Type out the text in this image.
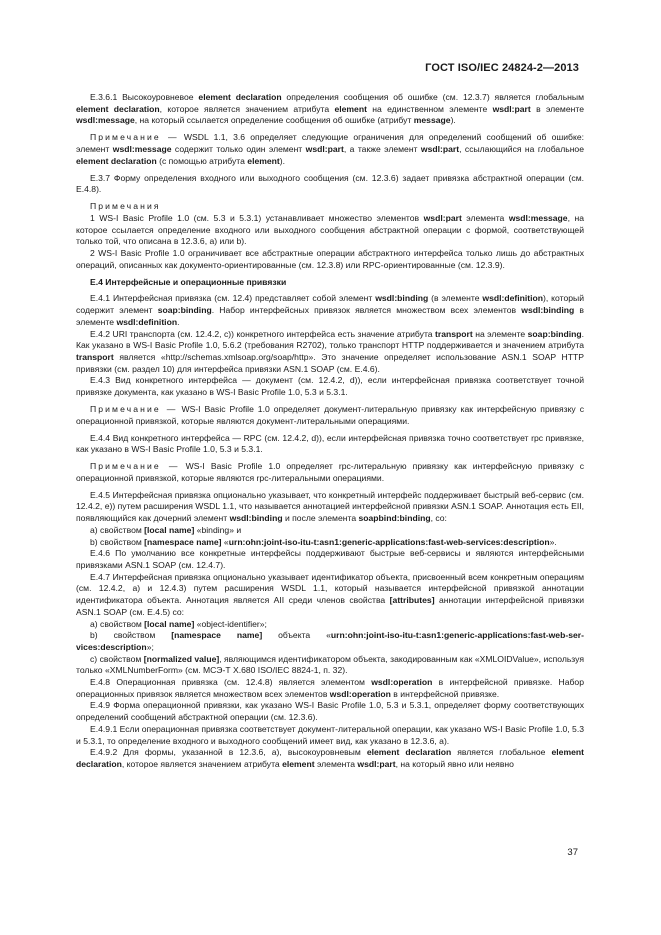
ГОСТ ISO/IEC 24824-2—2013

Е.3.6.1 Высокоуровневое element declaration определения сообщения об ошибке (см. 12.3.7) является глобальным element declaration, которое является значением атрибута element на единственном элементе wsdl:part в элементе wsdl:message, на который ссылается определение сообщения об ошибке (атрибут message).

Примечание — WSDL 1.1, 3.6 определяет следующие ограничения для определений сообщений об ошибке: элемент wsdl:message содержит только один элемент wsdl:part, а также элемент wsdl:part, ссылающийся на глобальное element declaration (с помощью атрибута element).

Е.3.7 Форму определения входного или выходного сообщения (см. 12.3.6) задает привязка абстрактной операции (см. Е.4.8).

Примечания

1 WS-I Basic Profile 1.0 (см. 5.3 и 5.3.1) устанавливает множество элементов wsdl:part элемента wsdl:message, на которое ссылается определение входного или выходного сообщения абстрактной операции с формой, соответствующей только той, что описана в 12.3.6, a) или b).

2 WS-I Basic Profile 1.0 ограничивает все абстрактные операции абстрактного интерфейса только лишь до абстрактных операций, описанных как документо-ориентированные (см. 12.3.8) или RPC-ориентированные (см. 12.3.9).

Е.4 Интерфейсные и операционные привязки

Е.4.1 Интерфейсная привязка (см. 12.4) представляет собой элемент wsdl:binding (в элементе wsdl:definition), который содержит элемент soap:binding. Набор интерфейсных привязок является множеством всех элементов wsdl:binding в элементе wsdl:definition.

Е.4.2 URI транспорта (см. 12.4.2, c)) конкретного интерфейса есть значение атрибута transport на элементе soap:binding. Как указано в WS-I Basic Profile 1.0, 5.6.2 (требования R2702), только транспорт HTTP поддерживается и значением атрибута transport является «http://schemas.xmlsoap.org/soap/http». Это значение определяет использование ASN.1 SOAP HTTP привязки (см. раздел 10) для интерфейса привязки ASN.1 SOAP (см. Е.4.6).

Е.4.3 Вид конкретного интерфейса — документ (см. 12.4.2, d)), если интерфейсная привязка соответствует точной привязке документа, как указано в WS-I Basic Profile 1.0, 5.3 и 5.3.1.

Примечание — WS-I Basic Profile 1.0 определяет документ-литеральную привязку как интерфейсную привязку с операционной привязкой, которые являются документ-литеральными операциями.

Е.4.4 Вид конкретного интерфейса — RPC (см. 12.4.2, d)), если интерфейсная привязка точно соответствует rpc привязке, как указано в WS-I Basic Profile 1.0, 5.3 и 5.3.1.

Примечание — WS-I Basic Profile 1.0 определяет rpc-литеральную привязку как интерфейсную привязку с операционной привязкой, которые являются rpc-литеральными операциями.

Е.4.5 Интерфейсная привязка опционально указывает, что конкретный интерфейс поддерживает быстрый веб-сервис (см. 12.4.2, e)) путем расширения WSDL 1.1, что называется аннотацией интерфейсной привязки ASN.1 SOAP. Аннотация есть EII, появляющийся как дочерний элемент wsdl:binding и после элемента soapbind:binding, со:

a) свойством [local name] «binding» и

b) свойством [namespace name] «urn:ohn:joint-iso-itu-t:asn1:generic-applications:fast-web-services:description».

Е.4.6 По умолчанию все конкретные интерфейсы поддерживают быстрые веб-сервисы и являются интерфейсными привязками ASN.1 SOAP (см. 12.4.7).

Е.4.7 Интерфейсная привязка опционально указывает идентификатор объекта, присвоенный всем конкретным операциям (см. 12.4.2, a) и 12.4.3) путем расширения WSDL 1.1, который называется интерфейсной привязкой аннотации идентификатора объекта. Аннотация является AII среди членов свойства [attributes] аннотации интерфейсной привязки ASN.1 SOAP (см. Е.4.5) со:

a) свойством [local name] «object-identifier»;

b) свойством [namespace name] объекта «urn:ohn:joint-iso-itu-t:asn1:generic-applications:fast-web-services:description»;

c) свойством [normalized value], являющимся идентификатором объекта, закодированным как «XMLOIDValue», используя только «XMLNumberForm» (см. МСЭ-Т X.680 ISO/IEC 8824-1, п. 32).

Е.4.8 Операционная привязка (см. 12.4.8) является элементом wsdl:operation в интерфейсной привязке. Набор операционных привязок является множеством всех элементов wsdl:operation в интерфейсной привязке.

Е.4.9 Форма операционной привязки, как указано WS-I Basic Profile 1.0, 5.3 и 5.3.1, определяет форму соответствующих определений сообщений абстрактной операции (см. 12.3.6).

Е.4.9.1 Если операционная привязка соответствует документ-литеральной операции, как указано WS-I Basic Profile 1.0, 5.3 и 5.3.1, то определение входного и выходного сообщений имеет вид, как указано в 12.3.6, a).

Е.4.9.2 Для формы, указанной в 12.3.6, a), высокоуровневым element declaration является глобальное element declaration, которое является значением атрибута element элемента wsdl:part, на который явно или неявно

37
